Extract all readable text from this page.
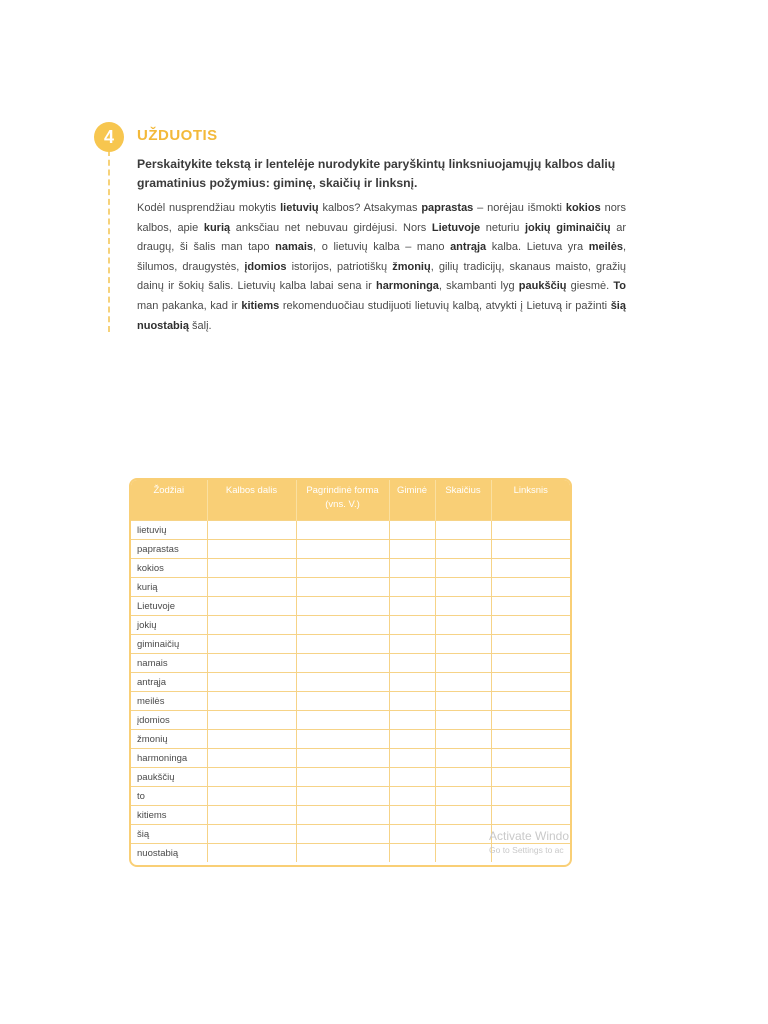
4	UŽDUOTIS
Perskaitykite tekstą ir lentelėje nurodykite paryškintų linksniuojamųjų kalbos dalių gramatinius požymius: giminę, skaičių ir linksnį.
Kodėl nusprendžiau mokytis lietuvių kalbos? Atsakymas paprastas – norėjau išmokti kokios nors kalbos, apie kurią anksčiau net nebuvau girdėjusi. Nors Lietuvoje neturiu jokių giminaičių ar draugų, ši šalis man tapo namais, o lietuvių kalba – mano antrąja kalba. Lietuva yra meilės, šilumos, draugystės, įdomios istorijos, patriotiškų žmonių, gilių tradicijų, skanaus maisto, gražių dainų ir šokių šalis. Lietuvių kalba labai sena ir harmoninga, skambanti lyg paukščių giesmė. To man pakanka, kad ir kitiems rekomenduočiau studijuoti lietuvių kalbą, atvykti į Lietuvą ir pažinti šią nuostabią šalį.
Žodžiai	Kalbos dalis	Pagrindinė forma (vns. V.)	Giminė	Skaičius	Linksnis
lietuvių					
paprastas					
kokios					
kurią					
Lietuvoje					
jokių					
giminaičių					
namais					
antrąja					
meilės					
įdomios					
žmonių					
harmoninga					
paukščių					
to					
kitiems					
šią					
nuostabią					
Activate Windo
Go to Settings to ac
